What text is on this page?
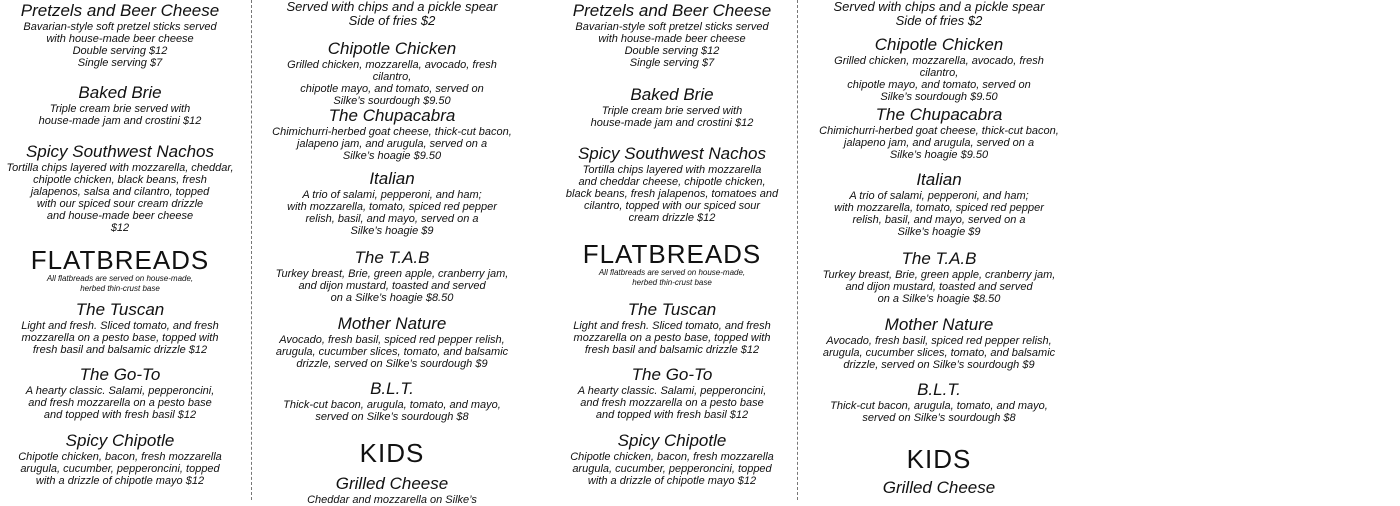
Pretzels and Beer Cheese
Bavarian-style soft pretzel sticks served
with house-made beer cheese
Double serving $12
Single serving $7
Baked Brie
Triple cream brie served with
house-made jam and crostini $12
Spicy Southwest Nachos
Tortilla chips layered with mozzarella, cheddar,
chipotle chicken, black beans, fresh
jalapenos, salsa and cilantro, topped
with our spiced sour cream drizzle
and house-made beer cheese
$12
FLATBREADS
All flatbreads are served on house-made,
herbed thin-crust base
The Tuscan
Light and fresh. Sliced tomato, and fresh
mozzarella on a pesto base, topped with
fresh basil and balsamic drizzle $12
The Go-To
A hearty classic. Salami, pepperoncini,
and fresh mozzarella on a pesto base
and topped with fresh basil $12
Spicy Chipotle
Chipotle chicken, bacon, fresh mozzarella
arugula, cucumber, pepperoncini, topped
with a drizzle of chipotle mayo $12
Served with chips and a pickle spear
Side of fries $2
Chipotle Chicken
Grilled chicken, mozzarella, avocado, fresh cilantro,
chipotle mayo, and tomato, served on
Silke’s sourdough $9.50
The Chupacabra
Chimichurri-herbed goat cheese, thick-cut bacon,
jalapeno jam, and arugula, served on a
Silke’s hoagie $9.50
Italian
A trio of salami, pepperoni, and ham;
with mozzarella, tomato, spiced red pepper
relish, basil, and mayo, served on a
Silke’s hoagie $9
The T.A.B
Turkey breast, Brie, green apple, cranberry jam,
and dijon mustard, toasted and served
on a Silke’s hoagie $8.50
Mother Nature
Avocado, fresh basil, spiced red pepper relish,
arugula, cucumber slices, tomato, and balsamic
drizzle, served on Silke’s sourdough $9
B.L.T.
Thick-cut bacon, arugula, tomato, and mayo,
served on Silke’s sourdough $8
KIDS
Grilled Cheese
Cheddar and mozzarella on Silke’s
Pretzels and Beer Cheese
Bavarian-style soft pretzel sticks served
with house-made beer cheese
Double serving $12
Single serving $7
Baked Brie
Triple cream brie served with
house-made jam and crostini $12
Spicy Southwest Nachos
Tortilla chips layered with mozzarella
and cheddar cheese, chipotle chicken,
black beans, fresh jalapenos, tomatoes and
cilantro, topped with our spiced sour
cream drizzle $12
FLATBREADS
All flatbreads are served on house-made,
herbed thin-crust base
The Tuscan
Light and fresh. Sliced tomato, and fresh
mozzarella on a pesto base, topped with
fresh basil and balsamic drizzle $12
The Go-To
A hearty classic. Salami, pepperoncini,
and fresh mozzarella on a pesto base
and topped with fresh basil $12
Spicy Chipotle
Chipotle chicken, bacon, fresh mozzarella
arugula, cucumber, pepperoncini, topped
with a drizzle of chipotle mayo $12
Served with chips and a pickle spear
Side of fries $2
Chipotle Chicken
Grilled chicken, mozzarella, avocado, fresh cilantro,
chipotle mayo, and tomato, served on
Silke’s sourdough $9.50
The Chupacabra
Chimichurri-herbed goat cheese, thick-cut bacon,
jalapeno jam, and arugula, served on a
Silke’s hoagie $9.50
Italian
A trio of salami, pepperoni, and ham;
with mozzarella, tomato, spiced red pepper
relish, basil, and mayo, served on a
Silke’s hoagie $9
The T.A.B
Turkey breast, Brie, green apple, cranberry jam,
and dijon mustard, toasted and served
on a Silke’s hoagie $8.50
Mother Nature
Avocado, fresh basil, spiced red pepper relish,
arugula, cucumber slices, tomato, and balsamic
drizzle, served on Silke’s sourdough $9
B.L.T.
Thick-cut bacon, arugula, tomato, and mayo,
served on Silke’s sourdough $8
KIDS
Grilled Cheese
